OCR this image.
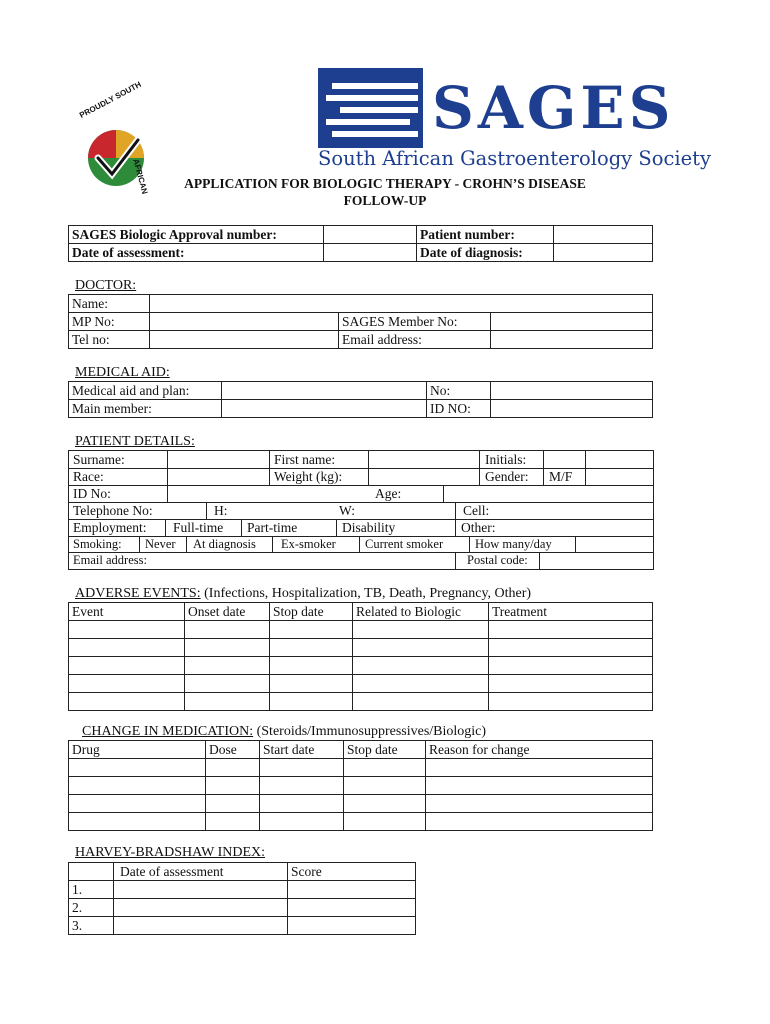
PROUDLY SOUTH
AFRICAN
SAGES
South African Gastroenterology Society
APPLICATION FOR BIOLOGIC THERAPY - CROHN’S DISEASE
FOLLOW-UP
SAGES Biologic Approval number:		Patient number:	
Date of assessment:		Date of diagnosis:	
DOCTOR:
Name:			
MP No:		SAGES Member No:	
Tel no:		Email address:	
MEDICAL AID:
Medical aid and plan:		No:	
Main member:		ID NO:	
PATIENT DETAILS:
Surname:	First name:	Initials:
Race:	Weight (kg):	Gender: M/F
ID No:	Age:
Telephone No:	H:	W:	Cell:
Employment: Full-time Part-time	Disability	Other:
Smoking: Never At diagnosis Ex-smoker Current smoker	How many/day
Email address:	Postal code:
ADVERSE EVENTS: (Infections, Hospitalization, TB, Death, Pregnancy, Other)
Event	Onset date	Stop date	Related to Biologic	Treatment

CHANGE IN MEDICATION: (Steroids/Immunosuppressives/Biologic)
Drug	Dose	Start date	Stop date	Reason for change

HARVEY-BRADSHAW INDEX:
	Date of assessment	Score
1.		
2.		
3.		
